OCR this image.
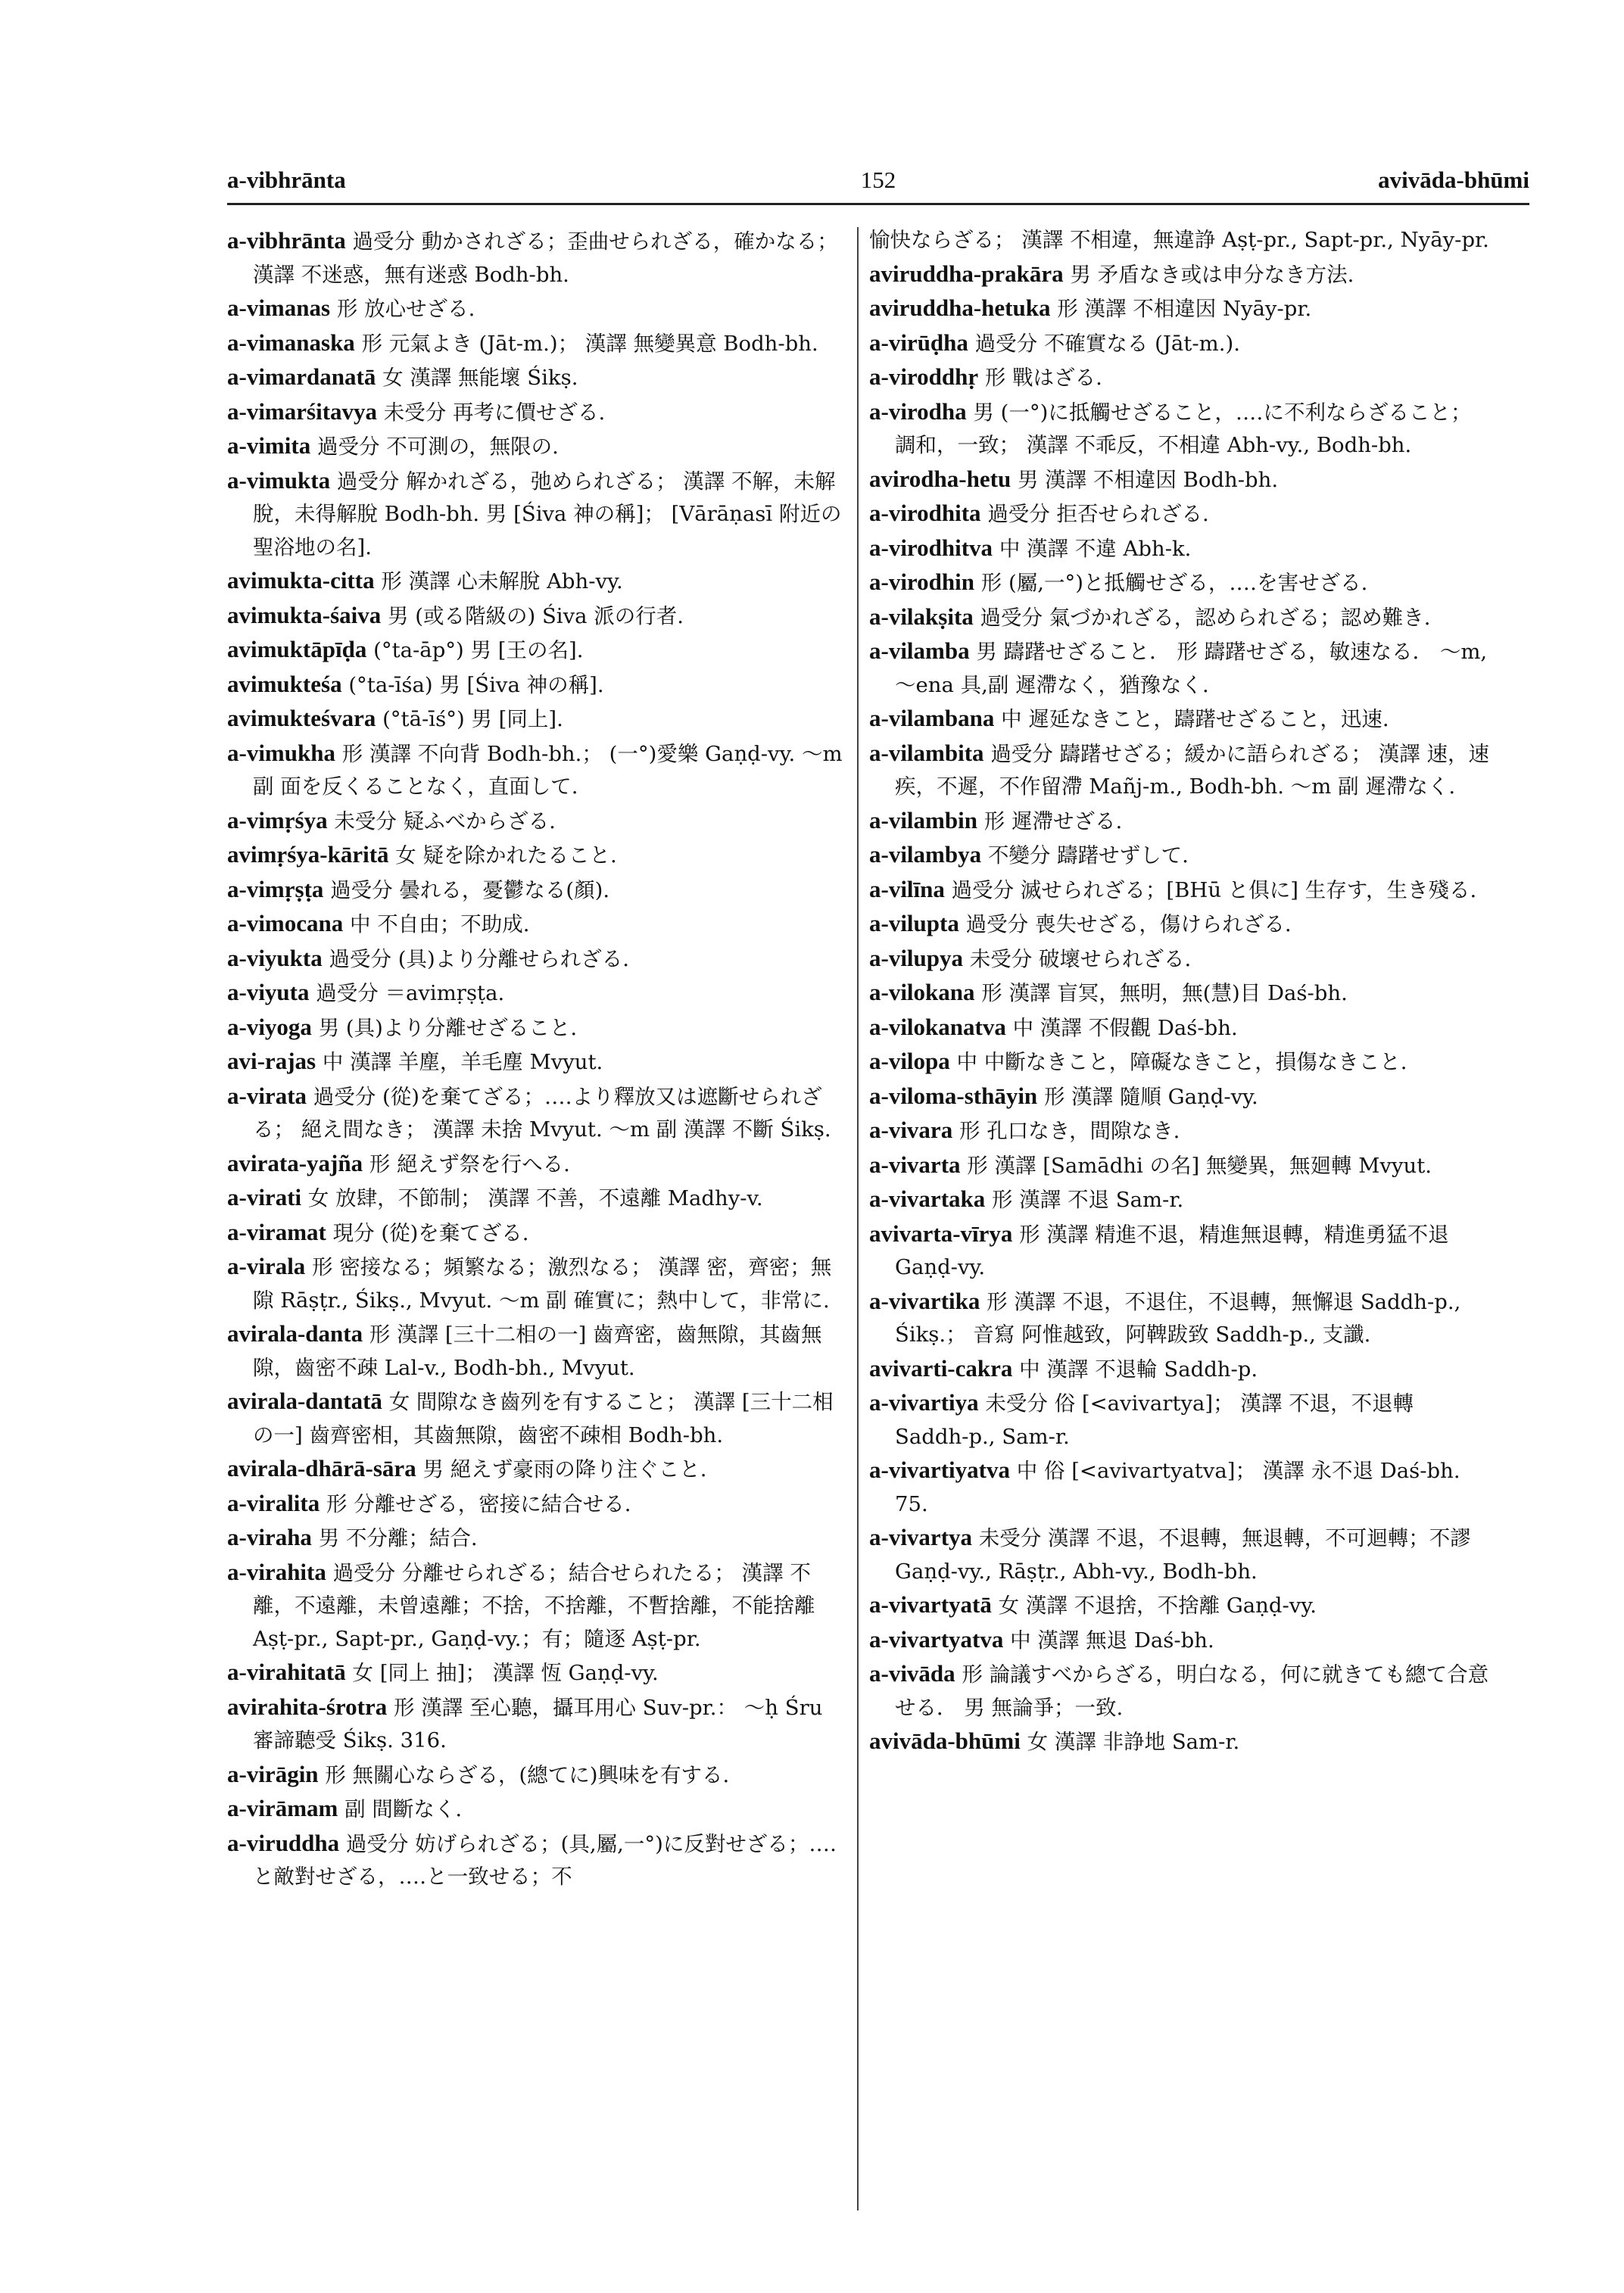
a-vibhrānta	152	avivāda-bhūmi

a-vibhrānta 過受分 動かされざる；歪曲せられざる，確かなる； 漢譯 不迷惑，無有迷惑 Bodh-bh.

a-vimanas 形 放心せざる.

a-vimanaska 形 元氣よき (Jāt-m.)； 漢譯 無變異意 Bodh-bh.

a-vimardanatā 女 漢譯 無能壞 Śikṣ.

a-vimarśitavya 未受分 再考に價せざる.

a-vimita 過受分 不可測の，無限の.

a-vimukta 過受分 解かれざる，弛められざる； 漢譯 不解，未解脫，未得解脫 Bodh-bh. 男 [Śiva 神の稱]； [Vārāṇasī 附近の聖浴地の名].

avimukta-citta 形 漢譯 心未解脫 Abh-vy.

avimukta-śaiva 男 (或る階級の) Śiva 派の行者.

avimuktāpīḍa (°ta-āp°) 男 [王の名].

avimukteśa (°ta-īśa) 男 [Śiva 神の稱].

avimukteśvara (°tā-īś°) 男 [同上].

a-vimukha 形 漢譯 不向背 Bodh-bh.； (一°)愛樂 Gaṇḍ-vy. 〜m 副 面を反くることなく，直面して.

a-vimṛśya 未受分 疑ふべからざる.

avimṛśya-kāritā 女 疑を除かれたること.

a-vimṛṣṭa 過受分 曇れる，憂鬱なる(顏).

a-vimocana 中 不自由；不助成.

a-viyukta 過受分 (具)より分離せられざる.

a-viyuta 過受分 ＝avimṛṣṭa.

a-viyoga 男 (具)より分離せざること.

avi-rajas 中 漢譯 羊塵，羊毛塵 Mvyut.

a-virata 過受分 (從)を棄てざる；‥‥より釋放又は遮斷せられざる； 絕え間なき； 漢譯 未捨 Mvyut. 〜m 副 漢譯 不斷 Śikṣ.

avirata-yajña 形 絕えず祭を行へる.

a-virati 女 放肆，不節制； 漢譯 不善，不遠離 Madhy-v.

a-viramat 現分 (從)を棄てざる.

a-virala 形 密接なる；頻繁なる；激烈なる； 漢譯 密，齊密；無隙 Rāṣṭr., Śikṣ., Mvyut. 〜m 副 確實に；熱中して，非常に.

avirala-danta 形 漢譯 [三十二相の一] 齒齊密，齒無隙，其齒無隙，齒密不疎 Lal-v., Bodh-bh., Mvyut.

avirala-dantatā 女 間隙なき齒列を有すること； 漢譯 [三十二相の一] 齒齊密相，其齒無隙，齒密不疎相 Bodh-bh.

avirala-dhārā-sāra 男 絕えず豪雨の降り注ぐこと.

a-viralita 形 分離せざる，密接に結合せる.

a-viraha 男 不分離；結合.

a-virahita 過受分 分離せられざる；結合せられたる； 漢譯 不離，不遠離，未曾遠離；不捨，不捨離，不暫捨離，不能捨離 Aṣṭ-pr., Sapt-pr., Gaṇḍ-vy.；有；隨逐 Aṣṭ-pr.

a-virahitatā 女 [同上 抽]； 漢譯 恆 Gaṇḍ-vy.

avirahita-śrotra 形 漢譯 至心聽，攝耳用心 Suv-pr.： 〜ḥ Śru 審諦聽受 Śikṣ. 316.

a-virāgin 形 無關心ならざる，(總てに)興味を有する.

a-virāmam 副 間斷なく.

a-viruddha 過受分 妨げられざる；(具,屬,一°)に反對せざる；‥‥と敵對せざる，‥‥と一致せる；不

愉快ならざる； 漢譯 不相違，無違諍 Aṣṭ-pr., Sapt-pr., Nyāy-pr.

aviruddha-prakāra 男 矛盾なき或は申分なき方法.

aviruddha-hetuka 形 漢譯 不相違因 Nyāy-pr.

a-virūḍha 過受分 不確實なる (Jāt-m.).

a-viroddhṛ 形 戰はざる.

a-virodha 男 (一°)に抵觸せざること，‥‥に不利ならざること；調和，一致； 漢譯 不乖反，不相違 Abh-vy., Bodh-bh.

avirodha-hetu 男 漢譯 不相違因 Bodh-bh.

a-virodhita 過受分 拒否せられざる.

a-virodhitva 中 漢譯 不違 Abh-k.

a-virodhin 形 (屬,一°)と抵觸せざる，‥‥を害せざる.

a-vilakṣita 過受分 氣づかれざる，認められざる；認め難き.

a-vilamba 男 躊躇せざること． 形 躊躇せざる，敏速なる． 〜m, 〜ena 具,副 遲滯なく，猶豫なく.

a-vilambana 中 遲延なきこと，躊躇せざること，迅速.

a-vilambita 過受分 躊躇せざる；緩かに語られざる； 漢譯 速，速疾，不遲，不作留滯 Mañj-m., Bodh-bh. 〜m 副 遲滯なく.

a-vilambin 形 遲滯せざる.

a-vilambya 不變分 躊躇せずして.

a-vilīna 過受分 滅せられざる；[BHū と俱に] 生存す，生き殘る.

a-vilupta 過受分 喪失せざる，傷けられざる.

a-vilupya 未受分 破壞せられざる.

a-vilokana 形 漢譯 盲冥，無明，無(慧)目 Daś-bh.

a-vilokanatva 中 漢譯 不假觀 Daś-bh.

a-vilopa 中 中斷なきこと，障礙なきこと，損傷なきこと.

a-viloma-sthāyin 形 漢譯 隨順 Gaṇḍ-vy.

a-vivara 形 孔口なき，間隙なき.

a-vivarta 形 漢譯 [Samādhi の名] 無變異，無廻轉 Mvyut.

a-vivartaka 形 漢譯 不退 Sam-r.

avivarta-vīrya 形 漢譯 精進不退，精進無退轉，精進勇猛不退 Gaṇḍ-vy.

a-vivartika 形 漢譯 不退，不退住，不退轉，無懈退 Saddh-p., Śikṣ.； 音寫 阿惟越致，阿鞞跋致 Saddh-p., 支讖.

avivarti-cakra 中 漢譯 不退輪 Saddh-p.

a-vivartiya 未受分 俗 [<avivartya]； 漢譯 不退，不退轉 Saddh-p., Sam-r.

a-vivartiyatva 中 俗 [<avivartyatva]； 漢譯 永不退 Daś-bh. 75.

a-vivartya 未受分 漢譯 不退，不退轉，無退轉，不可迴轉；不謬 Gaṇḍ-vy., Rāṣṭr., Abh-vy., Bodh-bh.

a-vivartyatā 女 漢譯 不退捨，不捨離 Gaṇḍ-vy.

a-vivartyatva 中 漢譯 無退 Daś-bh.

a-vivāda 形 論議すべからざる，明白なる，何に就きても總て合意せる． 男 無論爭；一致.

avivāda-bhūmi 女 漢譯 非諍地 Sam-r.
